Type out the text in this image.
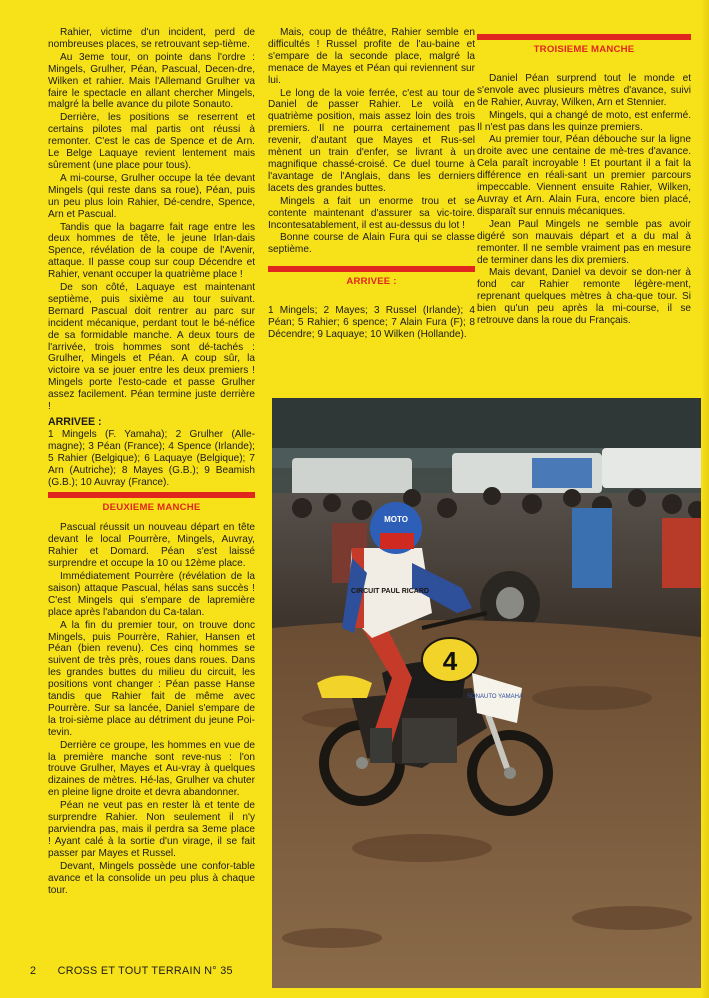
Rahier, victime d'un incident, perd de nombreuses places, se retrouvant sep-tième.

Au 3eme tour, on pointe dans l'ordre : Mingels, Grulher, Péan, Pascual, Decen-dre, Wilken et rahier. Mais l'Allemand Grulher va faire le spectacle en allant chercher Mingels, malgré la belle avance du pilote Sonauto.

Derrière, les positions se reserrent et certains pilotes mal partis ont réussi à remonter. C'est le cas de Spence et de Arn. Le Belge Laquaye revient lentement mais sûrement (une place pour tous).

A mi-course, Grulher occupe la tée devant Mingels (qui reste dans sa roue), Péan, puis un peu plus loin Rahier, Dé-cendre, Spence, Arn et Pascual.

Tandis que la bagarre fait rage entre les deux hommes de tête, le jeune Irlan-dais Spence, révélation de la coupe de l'Avenir, attaque. Il passe coup sur coup Décendre et Rahier, venant occuper la quatrième place !

De son côté, Laquaye est maintenant septième, puis sixième au tour suivant. Bernard Pascual doit rentrer au parc sur incident mécanique, perdant tout le bé-néfice de sa formidable manche. A deux tours de l'arrivée, trois hommes sont dé-tachés : Grulher, Mingels et Péan. A coup sûr, la victoire va se jouer entre les deux premiers ! Mingels porte l'esto-cade et passe Grulher assez facilement. Péan termine juste derrière !

ARRIVEE :

1 Mingels (F. Yamaha); 2 Grulher (Alle-magne); 3 Péan (France); 4 Spence (Irlande); 5 Rahier (Belgique); 6 Laquaye (Belgique); 7 Arn (Autriche); 8 Mayes (G.B.); 9 Beamish (G.B.); 10 Auvray (France).

DEUXIEME MANCHE

Pascual réussit un nouveau départ en tête devant le local Pourrère, Mingels, Auvray, Rahier et Domard. Péan s'est laissé surprendre et occupe la 10 ou 12ème place.

Immédiatement Pourrère (révélation de la saison) attaque Pascual, hélas sans succès ! C'est Mingels qui s'empare de lapremière place après l'abandon du Ca-talan.

A la fin du premier tour, on trouve donc Mingels, puis Pourrère, Rahier, Hansen et Péan (bien revenu). Ces cinq hommes se suivent de très près, roues dans roues. Dans les grandes buttes du milieu du circuit, les positions vont changer : Péan passe Hanse tandis que Rahier fait de même avec Pourrère. Sur sa lancée, Daniel s'empare de la troi-sième place au détriment du jeune Poi-tevin.

Derrière ce groupe, les hommes en vue de la première manche sont reve-nus : l'on trouve Grulher, Mayes et Au-vray à quelques dizaines de mètres. Hé-las, Grulher va chuter en pleine ligne droite et devra abandonner.

Péan ne veut pas en rester là et tente de surprendre Rahier. Non seulement il n'y parviendra pas, mais il perdra sa 3eme place ! Ayant calé à la sortie d'un virage, il se fait passer par Mayes et Russel.

Devant, Mingels possède une confor-table avance et la consolide un peu plus à chaque tour.

Mais, coup de théâtre, Rahier semble en difficultés ! Russel profite de l'au-baine et s'empare de la seconde place, malgré la menace de Mayes et Péan qui reviennent sur lui.

Le long de la voie ferrée, c'est au tour de Daniel de passer Rahier. Le voilà en quatrième position, mais assez loin des trois premiers. Il ne pourra certainement pas revenir, d'autant que Mayes et Rus-sel mènent un train d'enfer, se livrant à un magnifique chassé-croisé. Ce duel tourne à l'avantage de l'Anglais, dans les derniers lacets des grandes buttes.

Mingels a fait un enorme trou et se contente maintenant d'assurer sa vic-toire. Incontesatablement, il est au-dessus du lot !

Bonne course de Alain Fura qui se classe septième.

ARRIVEE :

1 Mingels; 2 Mayes; 3 Russel (Irlande); 4 Péan; 5 Rahier; 6 spence; 7 Alain Fura (F); 8 Décendre; 9 Laquaye; 10 Wilken (Hollande).

TROISIEME MANCHE

Daniel Péan surprend tout le monde et s'envole avec plusieurs mètres d'avance, suivi de Rahier, Auvray, Wilken, Arn et Stennier.

Mingels, qui a changé de moto, est enfermé. Il n'est pas dans les quinze premiers.

Au premier tour, Péan débouche sur la ligne droite avec une centaine de mè-tres d'avance. Cela paraît incroyable ! Et pourtant il a fait la différence en réali-sant un premier parcours impeccable. Viennent ensuite Rahier, Wilken, Auvray et Arn. Alain Fura, encore bien placé, disparaît sur ennuis mécaniques.

Jean Paul Mingels ne semble pas avoir digéré son mauvais départ et a du mal à remonter. Il ne semble vraiment pas en mesure de terminer dans les dix premiers.

Mais devant, Daniel va devoir se don-ner à fond car Rahier remonte légère-ment, reprenant quelques mètres à cha-que tour. Si bien qu'un peu après la mi-course, il se retrouve dans la roue du Français.

4
SONAUTO YAMAHA
CIRCUIT PAUL RICARD
MOTO
2 CROSS ET TOUT TERRAIN N° 35
